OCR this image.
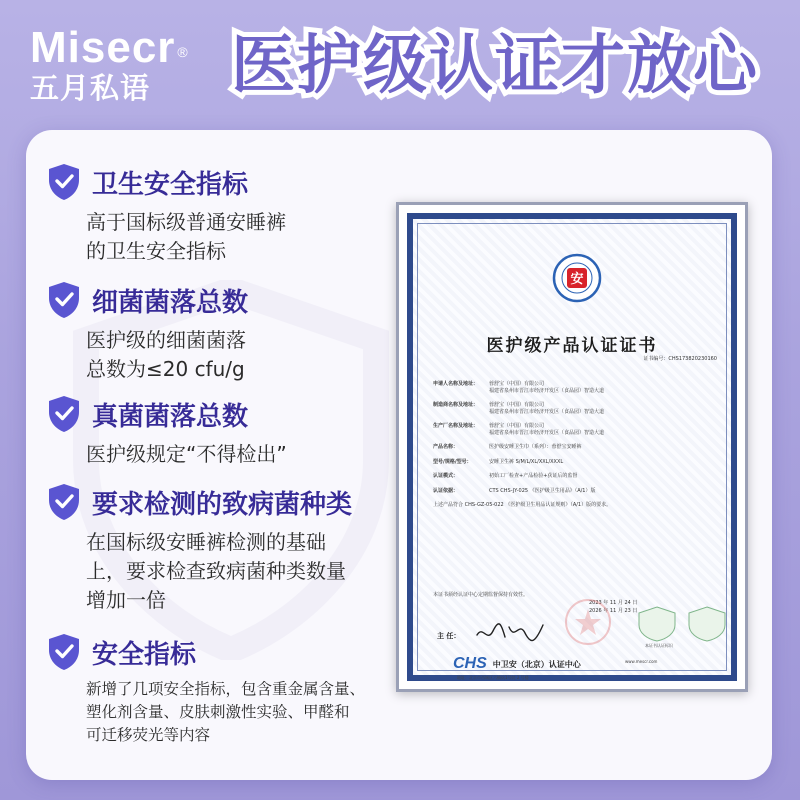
Misecr ®
五月私语	医护级认证才放心
卫生安全指标
高于国标级普通安睡裤
的卫生安全指标
细菌菌落总数
医护级的细菌菌落
总数为≤20 cfu/g
真菌菌落总数
医护级规定“不得检出”
要求检测的致病菌种类
在国标级安睡裤检测的基础
上，要求检查致病菌种类数量
增加一倍
安全指标
新增了几项安全指标，包含重金属含量、
塑化剂含量、皮肤刺激性实验、甲醛和
可迁移荧光等内容
安
医护级产品认证证书
证书编号：CHS173820230160
申请人名称及地址：	蓉舒宝（中国）有限公司
福建省泉州市晋江市经济开发区（食品园）智造大道
制造商名称及地址：	蓉舒宝（中国）有限公司
福建省泉州市晋江市经济开发区（食品园）智造大道
生产厂名称及地址：	蓉舒宝（中国）有限公司
福建省泉州市晋江市经济开发区（食品园）智造大道
产品名称：	医护级安睡卫生巾（系列）：蓉舒宝安睡裤
型号/规格/型号：	安睡卫生裤 S/M/L/XL/XXL/XXXL
认证模式：	初始工厂检查+产品检验+获证后的监督
认证依据：	CTS CHS-JY-025 《医护级卫生用品》（A/1）版
上述产品符合 CHS-GZ-05-022 《医护级卫生用品认证规则》（A/1）版的要求。
本证书须经认证中心定期监督保持有效性。
2023 年 11 月 24 日
2026 年 11 月 23 日
主 任：
本证书认证标识
CHS 中卫安（北京）认证中心	www.mescr.com
地址：北京市西城区六铺炕1号院 2 号楼
